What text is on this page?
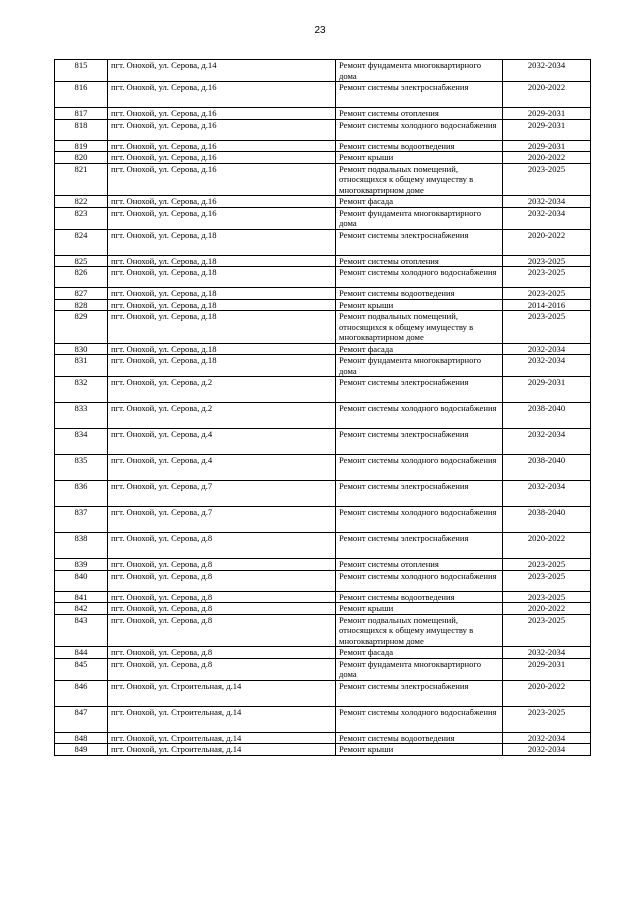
23
815	пгт. Онохой, ул. Серова, д.14	Ремонт фундамента многоквартирного дома	2032-2034
816	пгт. Онохой, ул. Серова, д.16	Ремонт системы электроснабжения	2020-2022
817	пгт. Онохой, ул. Серова, д.16	Ремонт системы отопления	2029-2031
818	пгт. Онохой, ул. Серова, д.16	Ремонт системы холодного водоснабжения	2029-2031
819	пгт. Онохой, ул. Серова, д.16	Ремонт системы водоотведения	2029-2031
820	пгт. Онохой, ул. Серова, д.16	Ремонт крыши	2020-2022
821	пгт. Онохой, ул. Серова, д.16	Ремонт подвальных помещений, относящихся к общему имуществу в многоквартирном доме	2023-2025
822	пгт. Онохой, ул. Серова, д.16	Ремонт фасада	2032-2034
823	пгт. Онохой, ул. Серова, д.16	Ремонт фундамента многоквартирного дома	2032-2034
824	пгт. Онохой, ул. Серова, д.18	Ремонт системы электроснабжения	2020-2022
825	пгт. Онохой, ул. Серова, д.18	Ремонт системы отопления	2023-2025
826	пгт. Онохой, ул. Серова, д.18	Ремонт системы холодного водоснабжения	2023-2025
827	пгт. Онохой, ул. Серова, д.18	Ремонт системы водоотведения	2023-2025
828	пгт. Онохой, ул. Серова, д.18	Ремонт крыши	2014-2016
829	пгт. Онохой, ул. Серова, д.18	Ремонт подвальных помещений, относящихся к общему имуществу в многоквартирном доме	2023-2025
830	пгт. Онохой, ул. Серова, д.18	Ремонт фасада	2032-2034
831	пгт. Онохой, ул. Серова, д.18	Ремонт фундамента многоквартирного дома	2032-2034
832	пгт. Онохой, ул. Серова, д.2	Ремонт системы электроснабжения	2029-2031
833	пгт. Онохой, ул. Серова, д.2	Ремонт системы холодного водоснабжения	2038-2040
834	пгт. Онохой, ул. Серова, д.4	Ремонт системы электроснабжения	2032-2034
835	пгт. Онохой, ул. Серова, д.4	Ремонт системы холодного водоснабжения	2038-2040
836	пгт. Онохой, ул. Серова, д.7	Ремонт системы электроснабжения	2032-2034
837	пгт. Онохой, ул. Серова, д.7	Ремонт системы холодного водоснабжения	2038-2040
838	пгт. Онохой, ул. Серова, д.8	Ремонт системы электроснабжения	2020-2022
839	пгт. Онохой, ул. Серова, д.8	Ремонт системы отопления	2023-2025
840	пгт. Онохой, ул. Серова, д.8	Ремонт системы холодного водоснабжения	2023-2025
841	пгт. Онохой, ул. Серова, д.8	Ремонт системы водоотведения	2023-2025
842	пгт. Онохой, ул. Серова, д.8	Ремонт крыши	2020-2022
843	пгт. Онохой, ул. Серова, д.8	Ремонт подвальных помещений, относящихся к общему имуществу в многоквартирном доме	2023-2025
844	пгт. Онохой, ул. Серова, д.8	Ремонт фасада	2032-2034
845	пгт. Онохой, ул. Серова, д.8	Ремонт фундамента многоквартирного дома	2029-2031
846	пгт. Онохой, ул. Строительная, д.14	Ремонт системы электроснабжения	2020-2022
847	пгт. Онохой, ул. Строительная, д.14	Ремонт системы холодного водоснабжения	2023-2025
848	пгт. Онохой, ул. Строительная, д.14	Ремонт системы водоотведения	2032-2034
849	пгт. Онохой, ул. Строительная, д.14	Ремонт крыши	2032-2034
